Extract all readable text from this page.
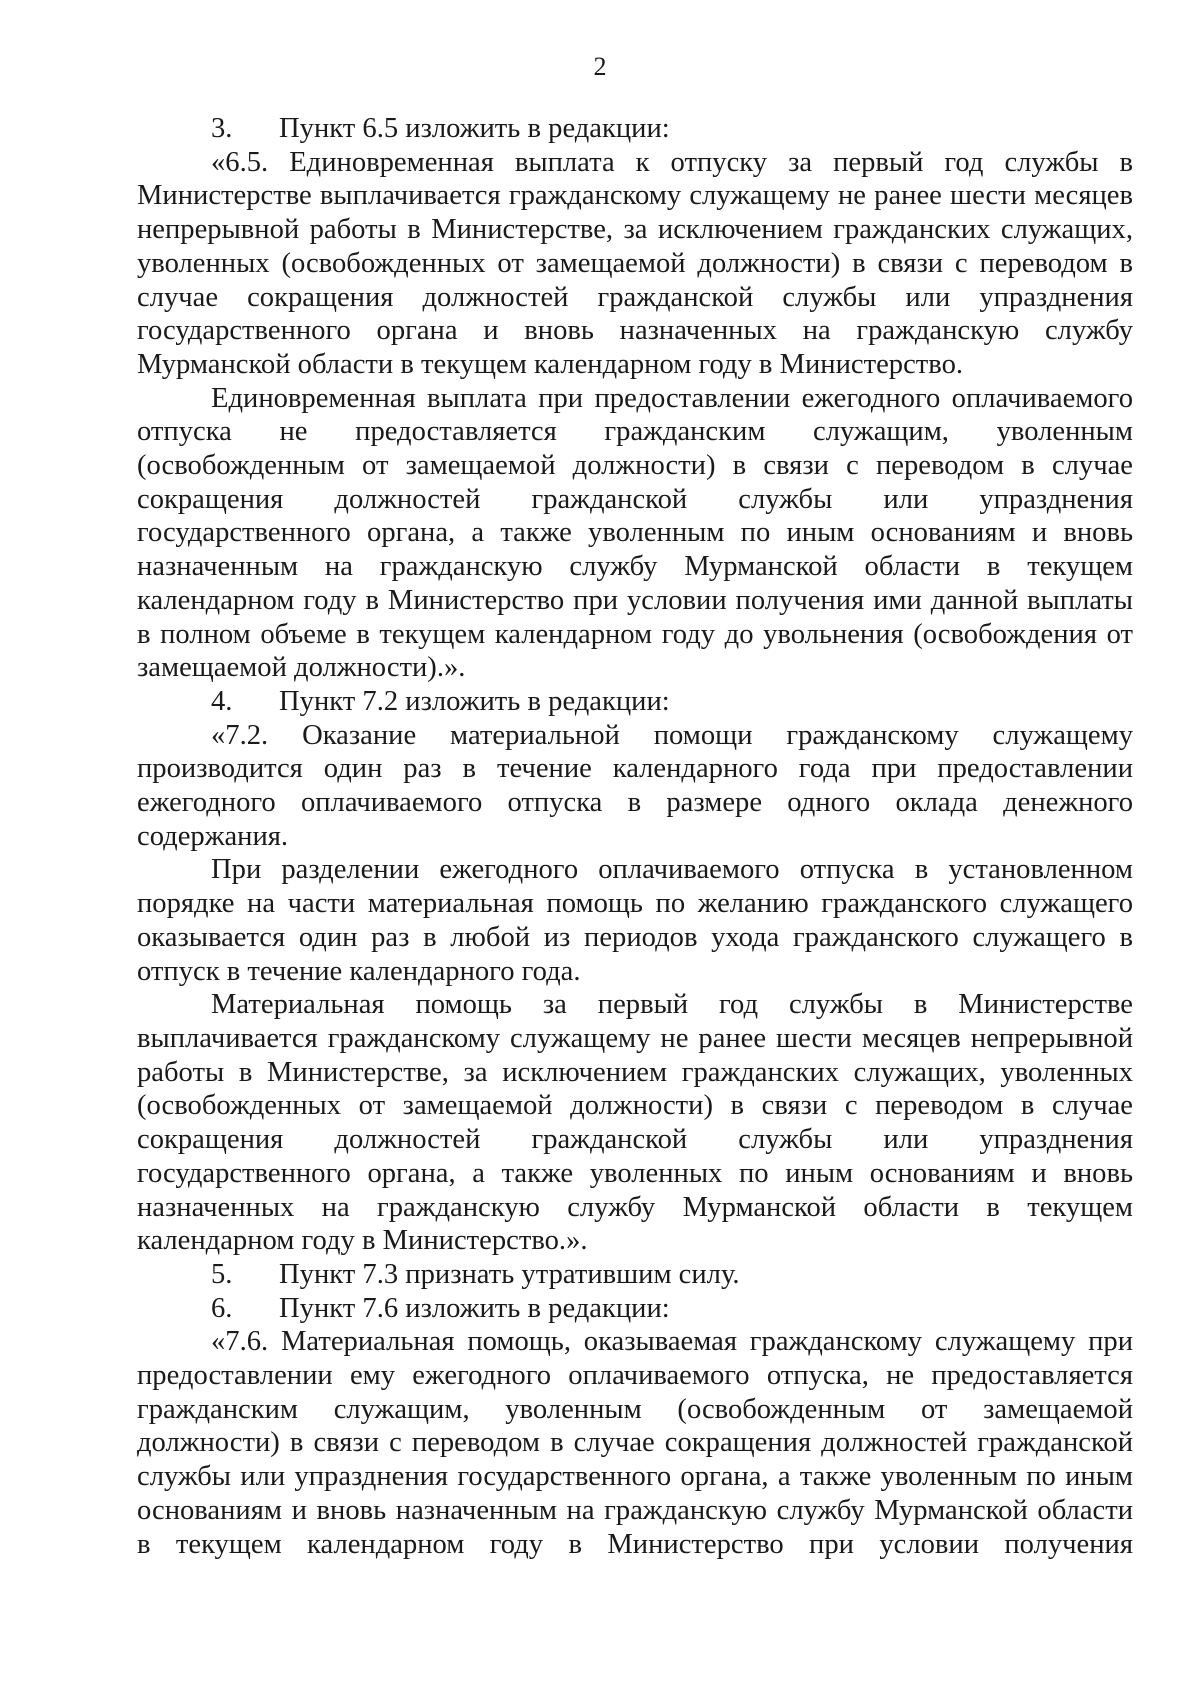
2

3. Пункт 6.5 изложить в редакции:

«6.5. Единовременная выплата к отпуску за первый год службы в Министерстве выплачивается гражданскому служащему не ранее шести месяцев непрерывной работы в Министерстве, за исключением гражданских служащих, уволенных (освобожденных от замещаемой должности) в связи с переводом в случае сокращения должностей гражданской службы или упразднения государственного органа и вновь назначенных на гражданскую службу Мурманской области в текущем календарном году в Министерство.

Единовременная выплата при предоставлении ежегодного оплачиваемого отпуска не предоставляется гражданским служащим, уволенным (освобожденным от замещаемой должности) в связи с переводом в случае сокращения должностей гражданской службы или упразднения государственного органа, а также уволенным по иным основаниям и вновь назначенным на гражданскую службу Мурманской области в текущем календарном году в Министерство при условии получения ими данной выплаты в полном объеме в текущем календарном году до увольнения (освобождения от замещаемой должности).».

4. Пункт 7.2 изложить в редакции:

«7.2. Оказание материальной помощи гражданскому служащему производится один раз в течение календарного года при предоставлении ежегодного оплачиваемого отпуска в размере одного оклада денежного содержания.

При разделении ежегодного оплачиваемого отпуска в установленном порядке на части материальная помощь по желанию гражданского служащего оказывается один раз в любой из периодов ухода гражданского служащего в отпуск в течение календарного года.

Материальная помощь за первый год службы в Министерстве выплачивается гражданскому служащему не ранее шести месяцев непрерывной работы в Министерстве, за исключением гражданских служащих, уволенных (освобожденных от замещаемой должности) в связи с переводом в случае сокращения должностей гражданской службы или упразднения государственного органа, а также уволенных по иным основаниям и вновь назначенных на гражданскую службу Мурманской области в текущем календарном году в Министерство.».

5. Пункт 7.3 признать утратившим силу.

6. Пункт 7.6 изложить в редакции:

«7.6. Материальная помощь, оказываемая гражданскому служащему при предоставлении ему ежегодного оплачиваемого отпуска, не предоставляется гражданским служащим, уволенным (освобожденным от замещаемой должности) в связи с переводом в случае сокращения должностей гражданской службы или упразднения государственного органа, а также уволенным по иным основаниям и вновь назначенным на гражданскую службу Мурманской области в текущем календарном году в Министерство при условии получения
